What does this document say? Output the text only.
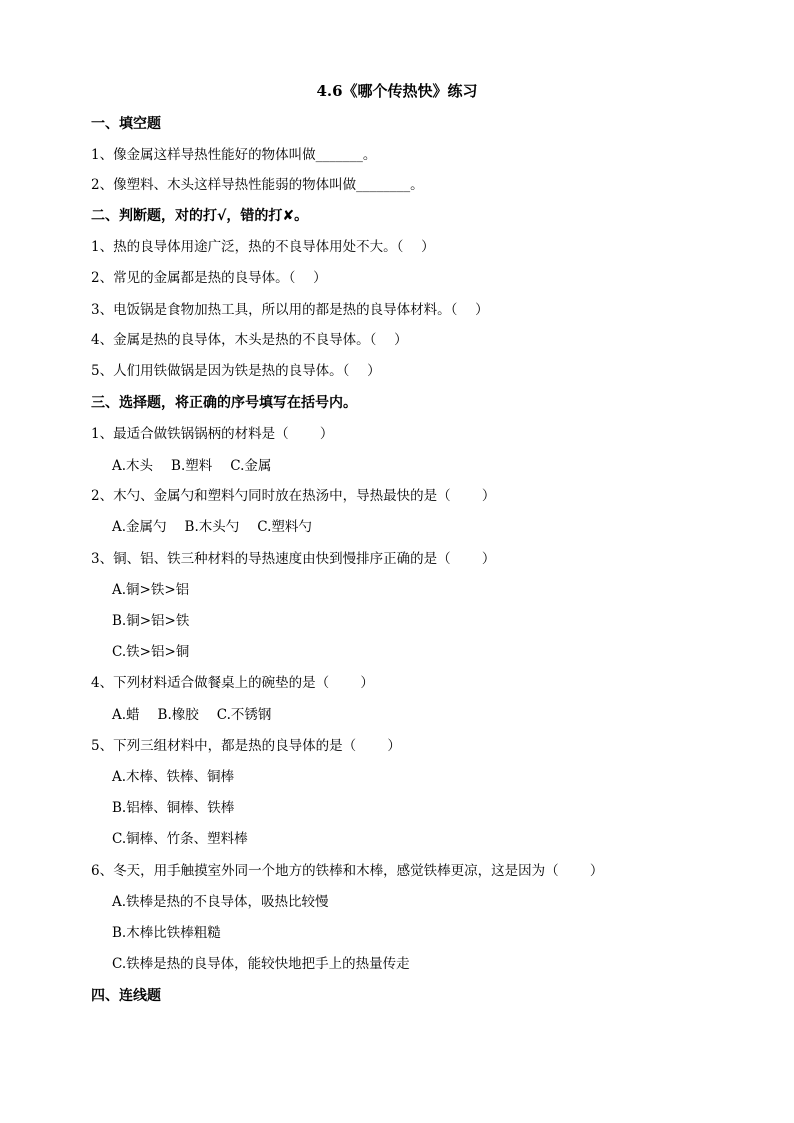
4.6《哪个传热快》练习
一、填空题
1、像金属这样导热性能好的物体叫做_______。
2、像塑料、木头这样导热性能弱的物体叫做________。
二、判断题，对的打√，错的打✘。
1、热的良导体用途广泛，热的不良导体用处不大。（　 ）
2、常见的金属都是热的良导体。（　 ）
3、电饭锅是食物加热工具，所以用的都是热的良导体材料。（　 ）
4、金属是热的良导体，木头是热的不良导体。（　 ）
5、人们用铁做锅是因为铁是热的良导体。（　 ）
三、选择题，将正确的序号填写在括号内。
1、最适合做铁锅锅柄的材料是（　　 ）
A.木头 B.塑料 C.金属
2、木勺、金属勺和塑料勺同时放在热汤中，导热最快的是（　　 ）
A.金属勺 B.木头勺 C.塑料勺
3、铜、铝、铁三种材料的导热速度由快到慢排序正确的是（　　 ）
A.铜>铁>铝
B.铜>铝>铁
C.铁>铝>铜
4、下列材料适合做餐桌上的碗垫的是（　　 ）
A.蜡 B.橡胶 C.不锈钢
5、下列三组材料中，都是热的良导体的是（　　 ）
A.木棒、铁棒、铜棒
B.铝棒、铜棒、铁棒
C.铜棒、竹条、塑料棒
6、冬天，用手触摸室外同一个地方的铁棒和木棒，感觉铁棒更凉，这是因为（　　 ）
A.铁棒是热的不良导体，吸热比较慢
B.木棒比铁棒粗糙
C.铁棒是热的良导体，能较快地把手上的热量传走
四、连线题
